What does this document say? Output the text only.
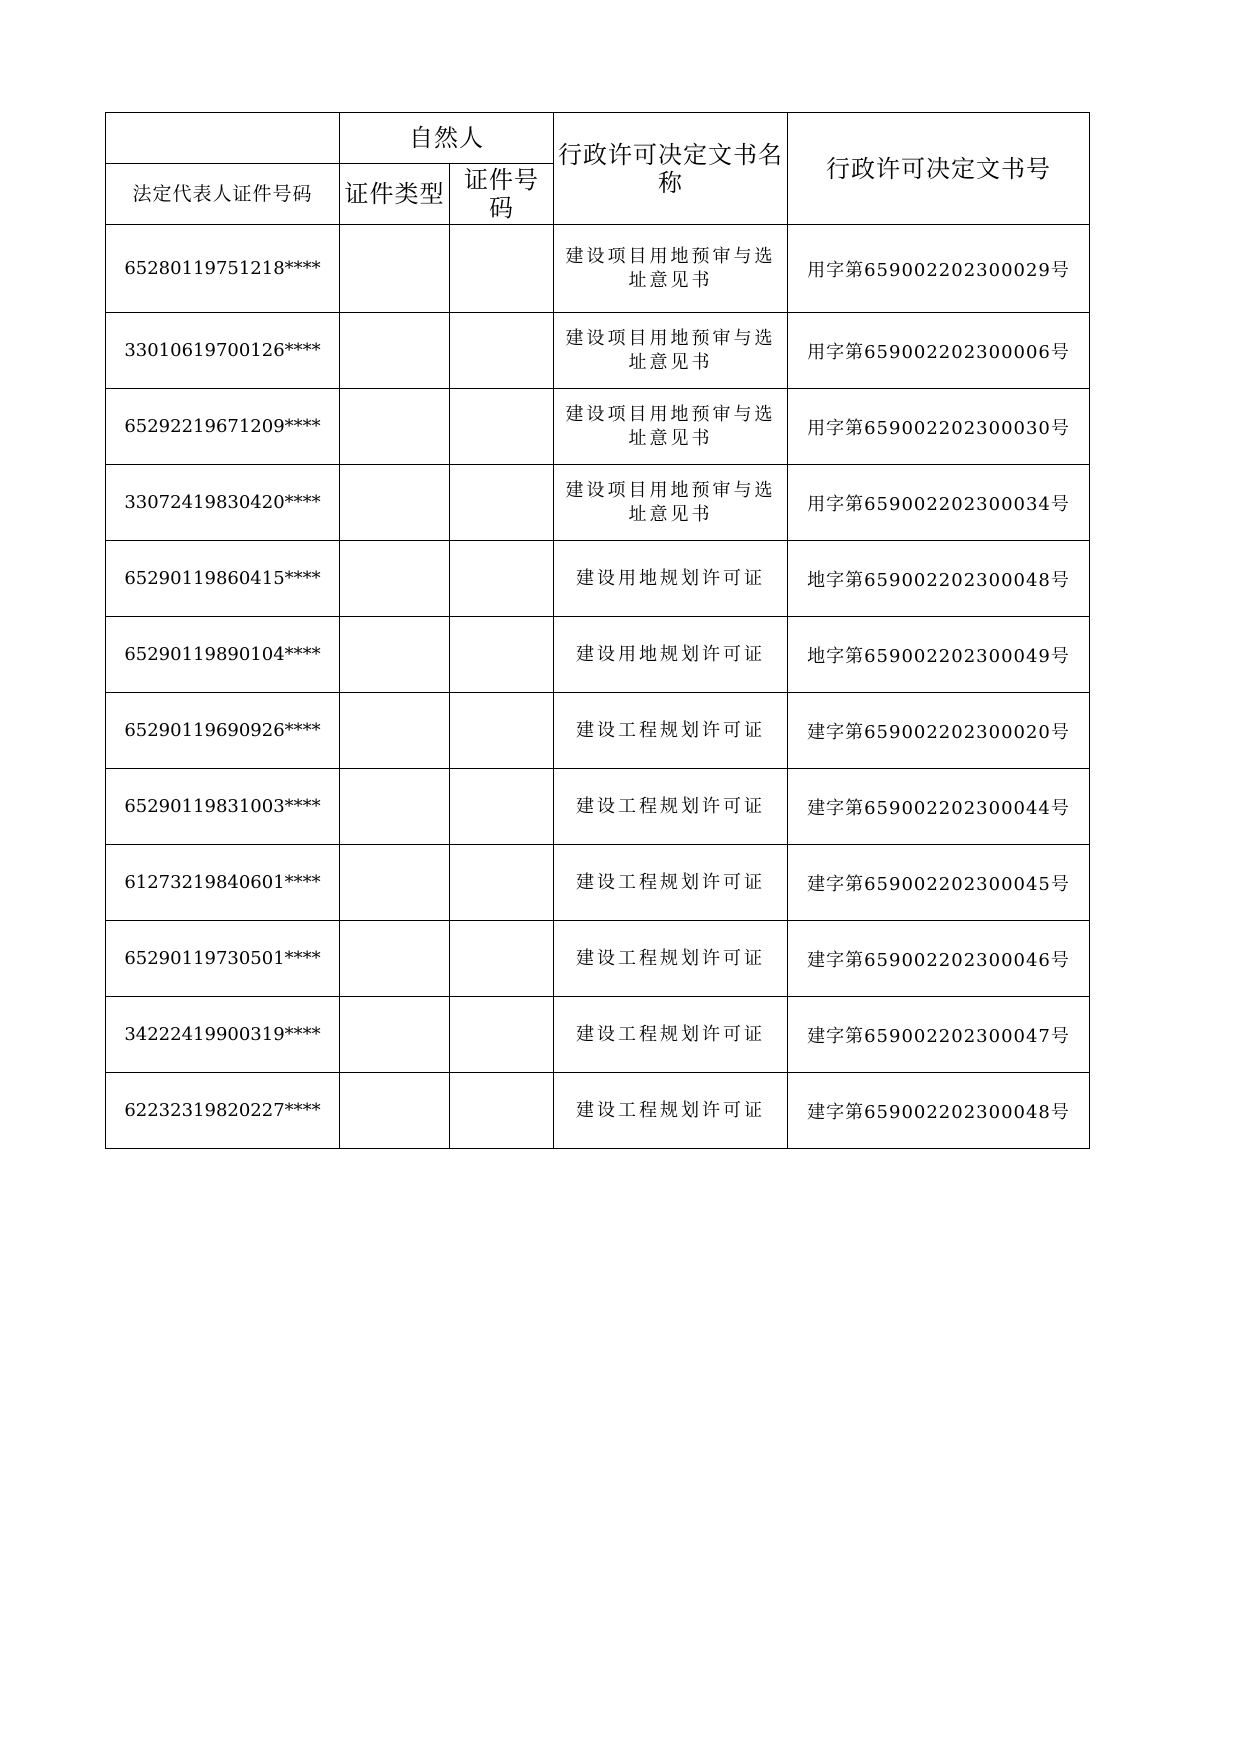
	自然人		行政许可决定文书名称	行政许可决定文书号
法定代表人证件号码	证件类型	证件号码		
65280119751218****			建设项目用地预审与选址意见书	用字第659002202300029号
33010619700126****			建设项目用地预审与选址意见书	用字第659002202300006号
65292219671209****			建设项目用地预审与选址意见书	用字第659002202300030号
33072419830420****			建设项目用地预审与选址意见书	用字第659002202300034号
65290119860415****			建设用地规划许可证	地字第659002202300048号
65290119890104****			建设用地规划许可证	地字第659002202300049号
65290119690926****			建设工程规划许可证	建字第659002202300020号
65290119831003****			建设工程规划许可证	建字第659002202300044号
61273219840601****			建设工程规划许可证	建字第659002202300045号
65290119730501****			建设工程规划许可证	建字第659002202300046号
34222419900319****			建设工程规划许可证	建字第659002202300047号
62232319820227****			建设工程规划许可证	建字第659002202300048号
